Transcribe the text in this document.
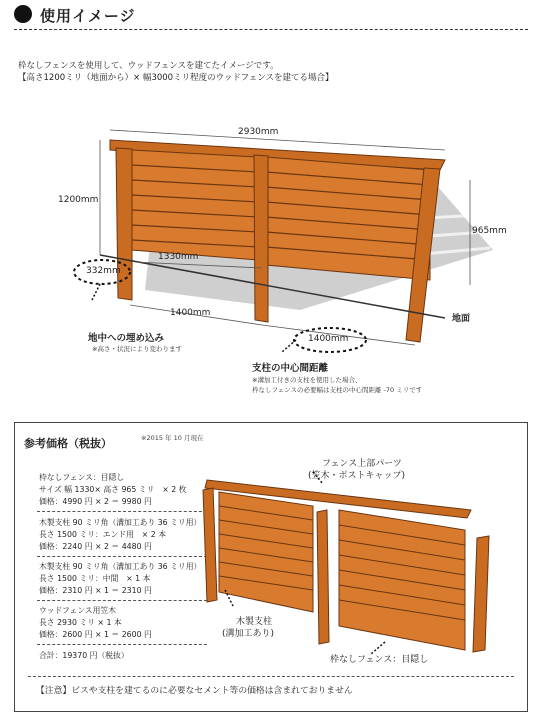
使用イメージ
枠なしフェンスを使用して、ウッドフェンスを建てたイメージです。
【高さ1200ミリ（地面から）× 幅3000ミリ程度のウッドフェンスを建てる場合】
2930mm
1200mm
965mm
1330mm
332mm
1400mm
1400mm
地面
地中への埋め込み
※高さ・状況により変わります
支柱の中心間距離
※溝加工付きの支柱を使用した場合、
枠なしフェンスの必要幅は支柱の中心間距離 -70 ミリです
参考価格（税抜）	※2015 年 10 月現在
枠なしフェンス：目隠し
サイズ 幅 1330× 高さ 965 ミリ　× 2 枚
価格：4990 円 × 2 ＝ 9980 円
木製支柱 90 ミリ角（溝加工あり 36 ミリ用）
長さ 1500 ミリ：エンド用　× 2 本
価格：2240 円 × 2 ＝ 4480 円
木製支柱 90 ミリ角（溝加工あり 36 ミリ用）
長さ 1500 ミリ：中間　× 1 本
価格：2310 円 × 1 ＝ 2310 円
ウッドフェンス用笠木
長さ 2930 ミリ × 1 本
価格：2600 円 × 1 ＝ 2600 円
合計：19370 円（税抜）
フェンス上部パーツ
(笠木・ポストキャップ)
木製支柱
(溝加工あり)
枠なしフェンス：目隠し
【注意】ビスや支柱を建てるのに必要なセメント等の価格は含まれておりません
